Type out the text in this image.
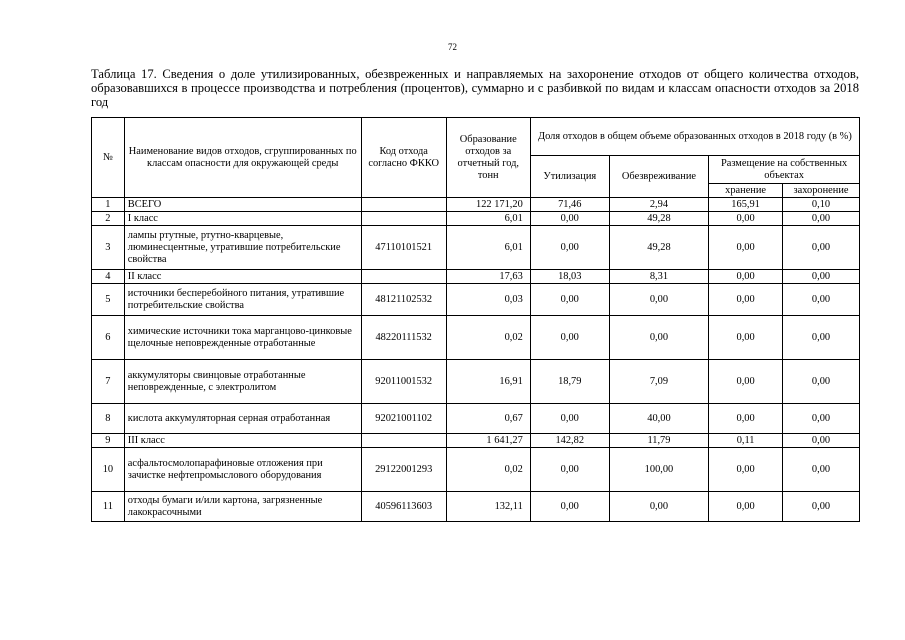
72
Таблица 17. Сведения о доле утилизированных, обезвреженных и направляемых на захоронение отходов от общего количества отходов, образовавшихся в процессе производства и потребления (процентов), суммарно и с разбивкой по видам и классам опасности отходов за 2018 год
№	Наименование видов отходов, сгруппированных по классам опасности для окружающей среды	Код отхода согласно ФККО	Образование отходов за отчетный год, тонн	Доля отходов в общем объеме образованных отходов в 2018 году (в %)			
				Утилизация	Обезвреживание	Размещение на собственных объектах	
						хранение	захоронение
1	ВСЕГО		122 171,20	71,46	2,94	165,91	0,10
2	I класс		6,01	0,00	49,28	0,00	0,00
3	лампы ртутные, ртутно-кварцевые, люминесцентные, утратившие потребительские свойства	47110101521	6,01	0,00	49,28	0,00	0,00
4	II класс		17,63	18,03	8,31	0,00	0,00
5	источники бесперебойного питания, утратившие потребительские свойства	48121102532	0,03	0,00	0,00	0,00	0,00
6	химические источники тока марганцово-цинковые щелочные неповрежденные отработанные	48220111532	0,02	0,00	0,00	0,00	0,00
7	аккумуляторы свинцовые отработанные неповрежденные, с электролитом	92011001532	16,91	18,79	7,09	0,00	0,00
8	кислота аккумуляторная серная отработанная	92021001102	0,67	0,00	40,00	0,00	0,00
9	III класс		1 641,27	142,82	11,79	0,11	0,00
10	асфальтосмолопарафиновые отложения при зачистке нефтепромыслового оборудования	29122001293	0,02	0,00	100,00	0,00	0,00
11	отходы бумаги и/или картона, загрязненные лакокрасочными	40596113603	132,11	0,00	0,00	0,00	0,00
